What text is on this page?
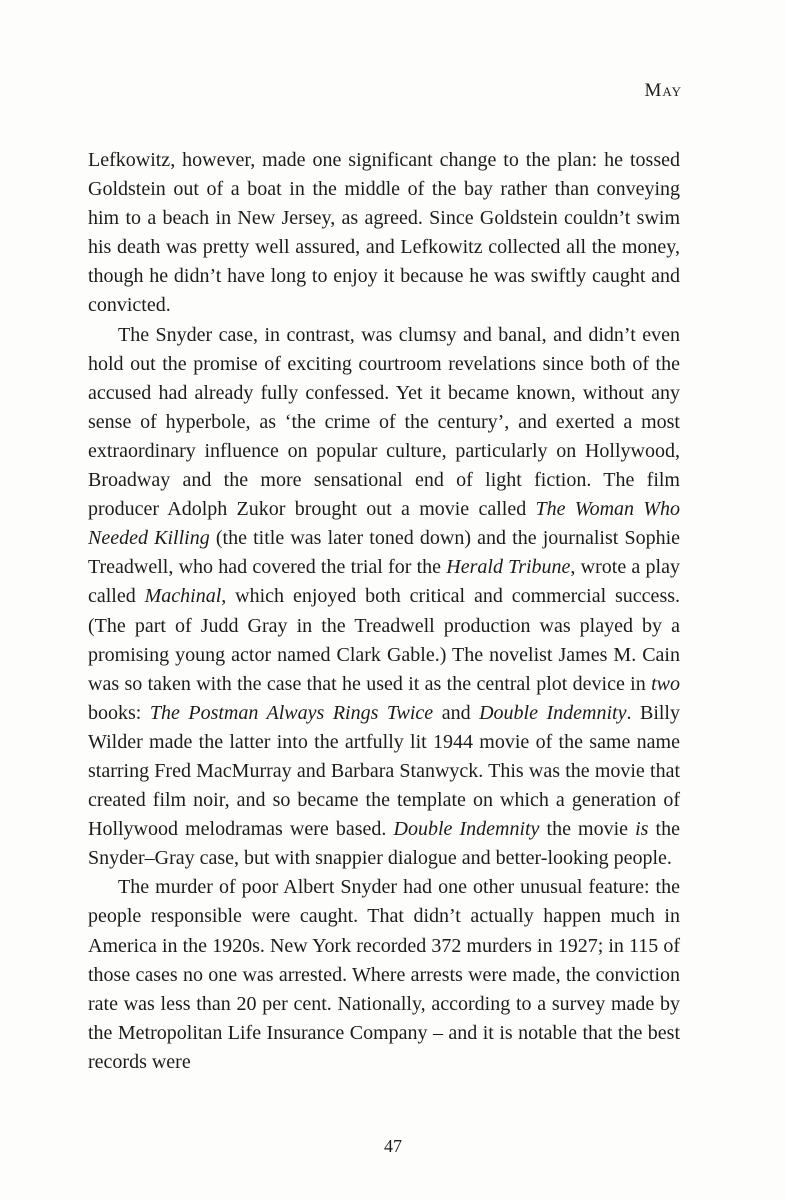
May

Lefkowitz, however, made one significant change to the plan: he tossed Goldstein out of a boat in the middle of the bay rather than conveying him to a beach in New Jersey, as agreed. Since Goldstein couldn’t swim his death was pretty well assured, and Lefkowitz collected all the money, though he didn’t have long to enjoy it because he was swiftly caught and convicted.

The Snyder case, in contrast, was clumsy and banal, and didn’t even hold out the promise of exciting courtroom revelations since both of the accused had already fully confessed. Yet it became known, without any sense of hyperbole, as ‘the crime of the century’, and exerted a most extraordinary influence on popular culture, particularly on Hollywood, Broadway and the more sensational end of light fiction. The film producer Adolph Zukor brought out a movie called The Woman Who Needed Killing (the title was later toned down) and the journalist Sophie Treadwell, who had covered the trial for the Herald Tribune, wrote a play called Machinal, which enjoyed both critical and commercial success. (The part of Judd Gray in the Treadwell production was played by a promising young actor named Clark Gable.) The novelist James M. Cain was so taken with the case that he used it as the central plot device in two books: The Postman Always Rings Twice and Double Indemnity. Billy Wilder made the latter into the artfully lit 1944 movie of the same name starring Fred MacMurray and Barbara Stanwyck. This was the movie that created film noir, and so became the template on which a generation of Hollywood melodramas were based. Double Indemnity the movie is the Snyder–Gray case, but with snappier dialogue and better-looking people.

The murder of poor Albert Snyder had one other unusual feature: the people responsible were caught. That didn’t actually happen much in America in the 1920s. New York recorded 372 murders in 1927; in 115 of those cases no one was arrested. Where arrests were made, the conviction rate was less than 20 per cent. Nationally, according to a survey made by the Metropolitan Life Insurance Company – and it is notable that the best records were

47
